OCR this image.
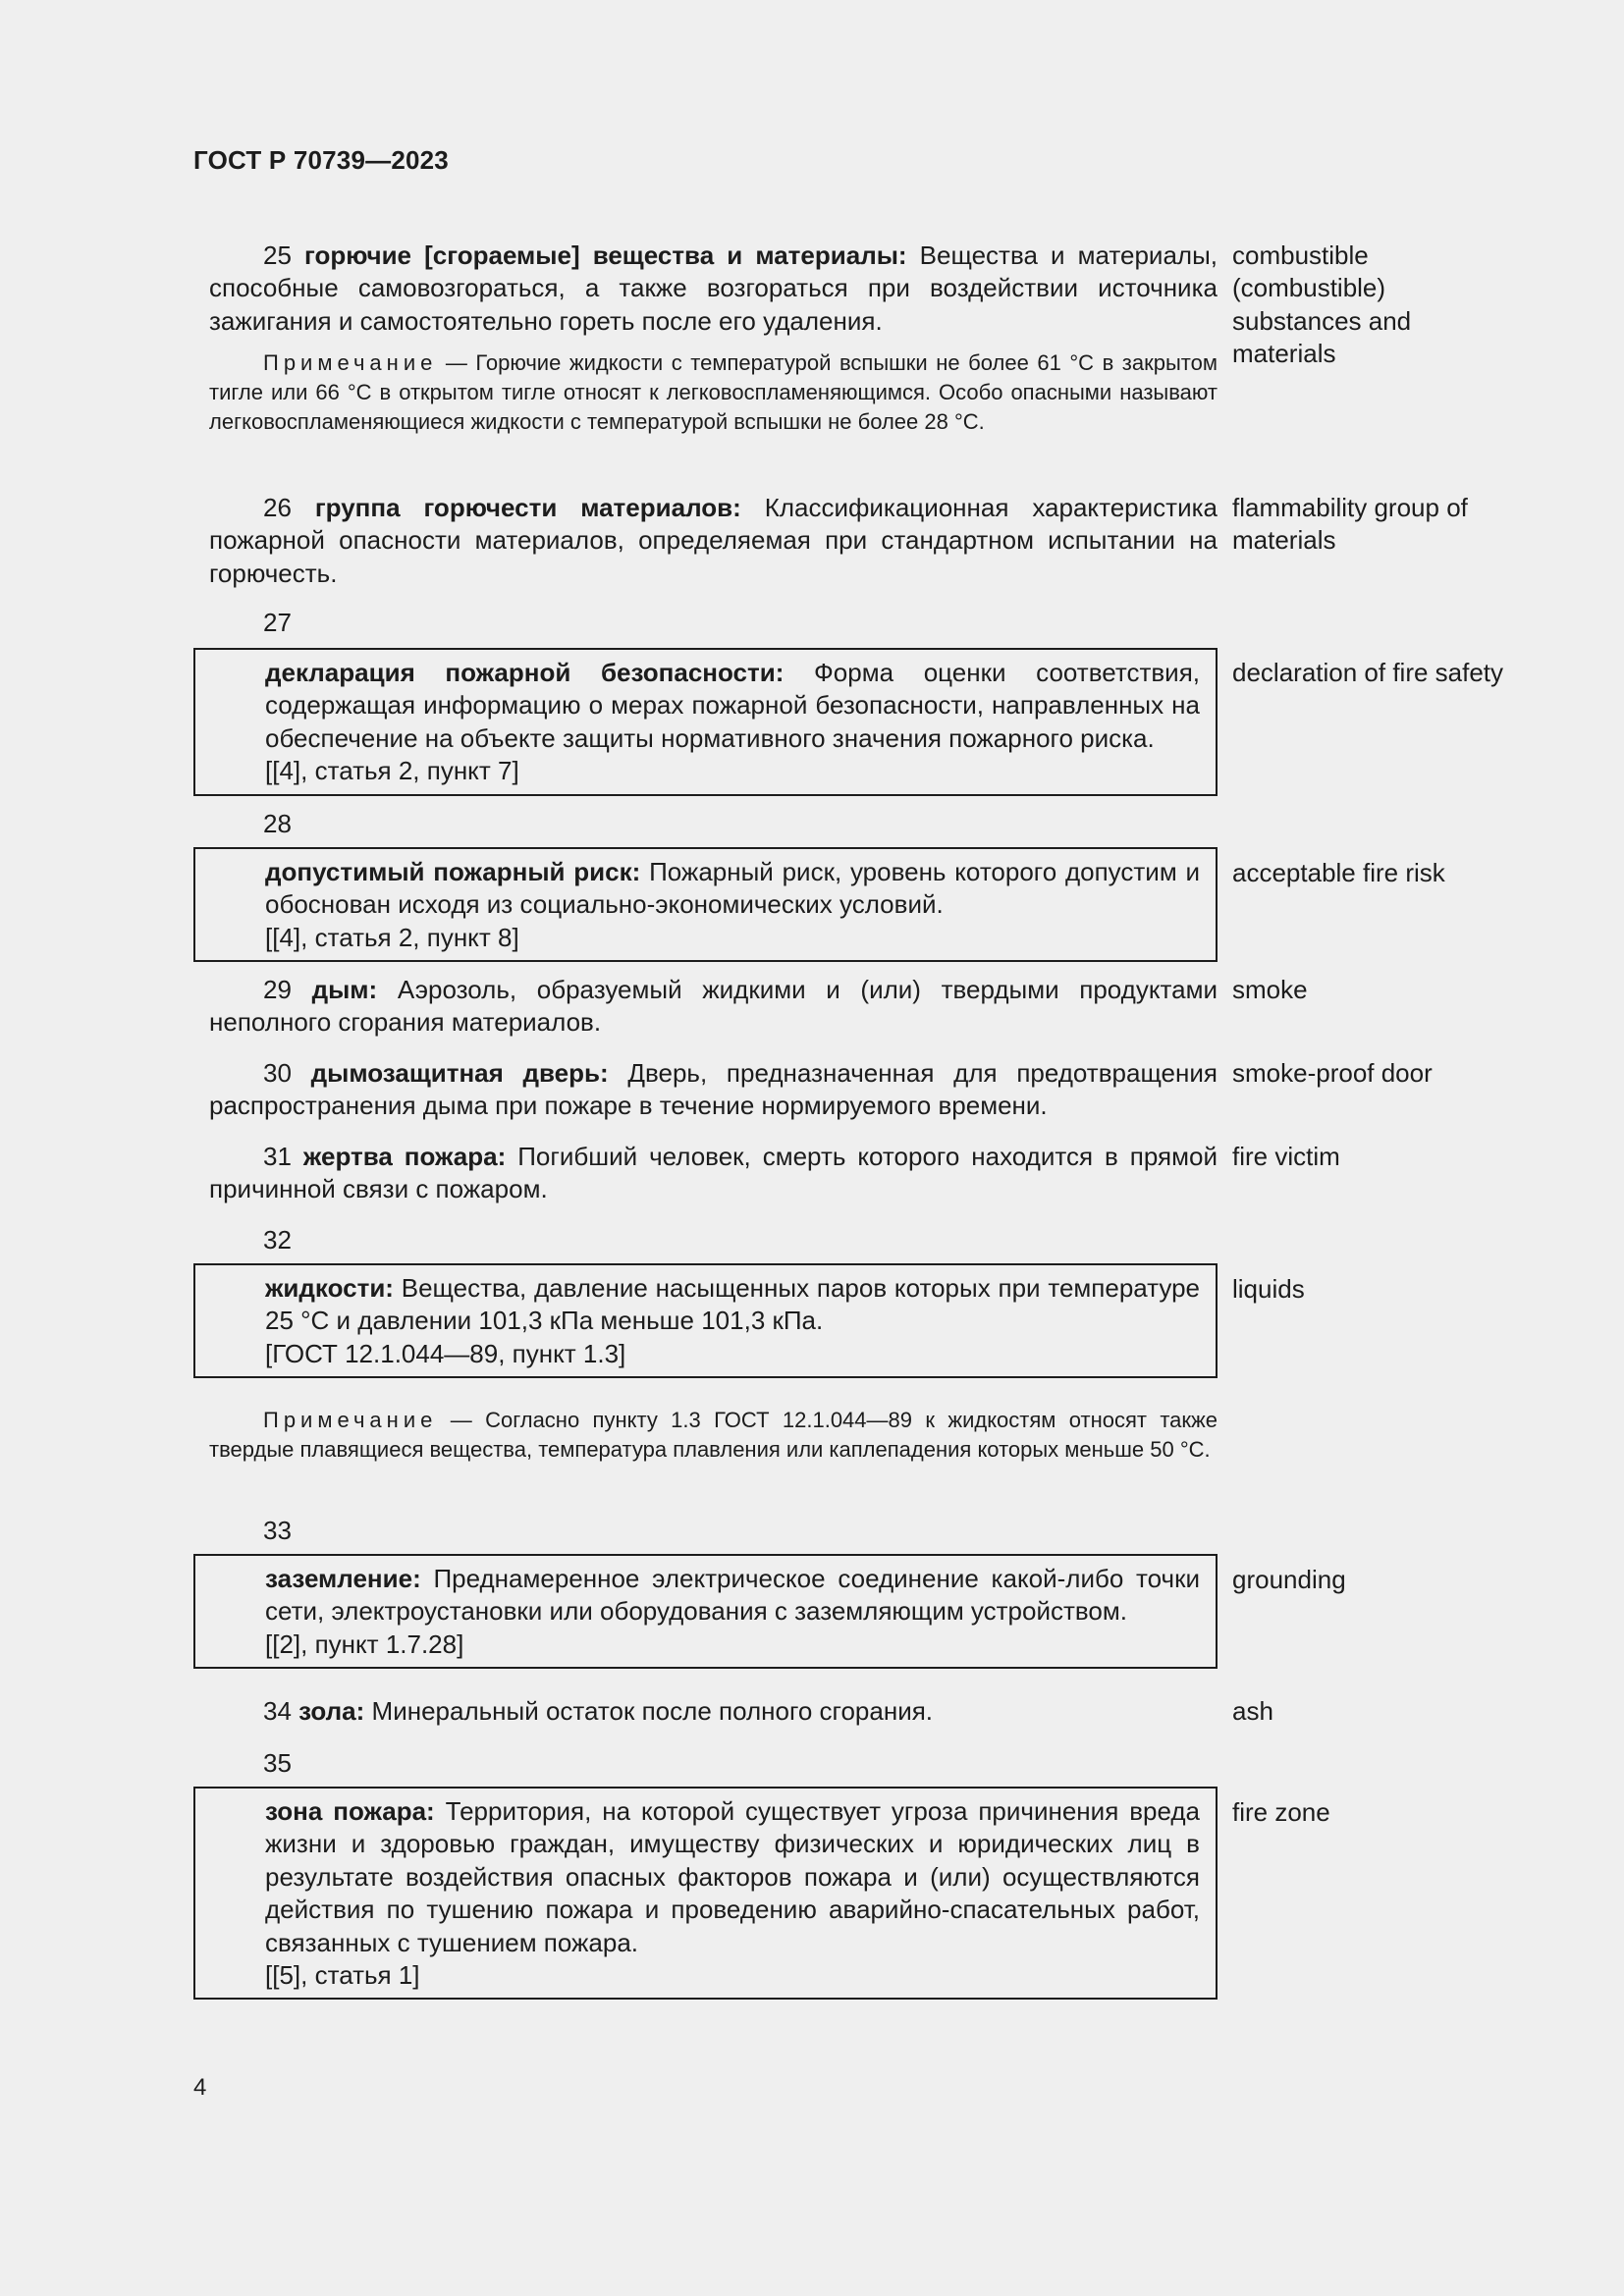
ГОСТ Р 70739—2023
25 горючие [сгораемые] вещества и материалы: Вещества и материалы, способные самовозгораться, а также возгораться при воздействии источника зажигания и самостоятельно гореть после его удаления.
combustible (combustible) substances and materials
Примечание — Горючие жидкости с температурой вспышки не более 61 °С в закрытом тигле или 66 °С в открытом тигле относят к легковоспламеняющимся. Особо опасными называют легковоспламеняющиеся жидкости с температурой вспышки не более 28 °С.
26 группа горючести материалов: Классификационная характеристика пожарной опасности материалов, определяемая при стандартном испытании на горючесть.
flammability group of materials
27

декларация пожарной безопасности: Форма оценки соответствия, содержащая информацию о мерах пожарной безопасности, направленных на обеспечение на объекте защиты нормативного значения пожарного риска.

[[4], статья 2, пункт 7]

declaration of fire safety
28

допустимый пожарный риск: Пожарный риск, уровень которого допустим и обоснован исходя из социально-экономических условий.

[[4], статья 2, пункт 8]

acceptable fire risk
29 дым: Аэрозоль, образуемый жидкими и (или) твердыми продуктами неполного сгорания материалов.
smoke
30 дымозащитная дверь: Дверь, предназначенная для предотвращения распространения дыма при пожаре в течение нормируемого времени.
smoke-proof door
31 жертва пожара: Погибший человек, смерть которого находится в прямой причинной связи с пожаром.
fire victim
32

жидкости: Вещества, давление насыщенных паров которых при температуре 25 °С и давлении 101,3 кПа меньше 101,3 кПа.

[ГОСТ 12.1.044—89, пункт 1.3]

liquids
Примечание — Согласно пункту 1.3 ГОСТ 12.1.044—89 к жидкостям относят также твердые плавящиеся вещества, температура плавления или каплепадения которых меньше 50 °С.
33

заземление: Преднамеренное электрическое соединение какой-либо точки сети, электроустановки или оборудования с заземляющим устройством.

[[2], пункт 1.7.28]

grounding
34 зола: Минеральный остаток после полного сгорания.	ash
35

зона пожара: Территория, на которой существует угроза причинения вреда жизни и здоровью граждан, имуществу физических и юридических лиц в результате воздействия опасных факторов пожара и (или) осуществляются действия по тушению пожара и проведению аварийно-спасательных работ, связанных с тушением пожара.

[[5], статья 1]

fire zone
4
